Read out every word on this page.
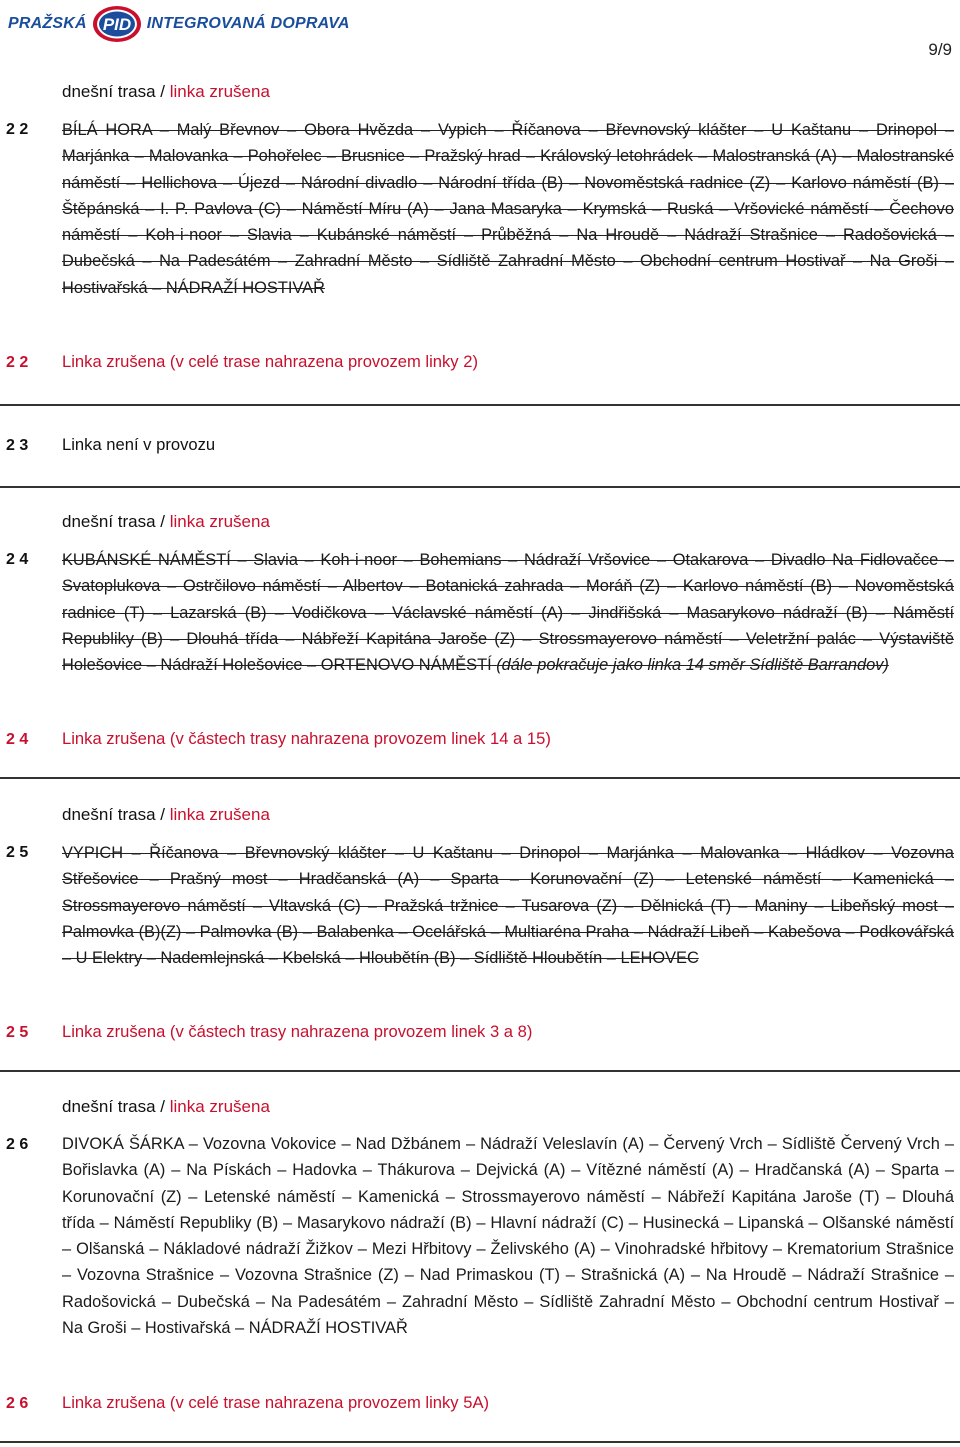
PRAŽSKÁ PID INTEGROVANÁ DOPRAVA
9/9
dnešní trasa / linka zrušena
2 2 BÍLÁ HORA – Malý Břevnov – Obora Hvězda – Vypich – Říčanova – Břevnovský klášter – U Kaštanu – Drinopol – Marjánka – Malovanka – Pohořelec – Brusnice – Pražský hrad – Královský letohrádek – Malostranská (A) – Malostranské náměstí – Hellichova – Újezd – Národní divadlo – Národní třída (B) – Novoměstská radnice (Z) – Karlovo náměstí (B) – Štěpánská – I. P. Pavlova (C) – Náměstí Míru (A) – Jana Masaryka – Krymská – Ruská – Vršovické náměstí – Čechovo náměstí – Koh-i-noor – Slavia – Kubánské náměstí – Průběžná – Na Hroudě – Nádraží Strašnice – Radošovická – Dubečská – Na Padesátém – Zahradní Město – Sídliště Zahradní Město – Obchodní centrum Hostivař – Na Groši – Hostivařská – NÁDRAŽÍ HOSTIVAŘ
2 2 Linka zrušena (v celé trase nahrazena provozem linky 2)
2 3 Linka není v provozu
dnešní trasa / linka zrušena
2 4 KUBÁNSKÉ NÁMĚSTÍ – Slavia – Koh-i-noor – Bohemians – Nádraží Vršovice – Otakarova – Divadlo Na Fidlovačce – Svatoplukova – Ostrčilovo náměstí – Albertov – Botanická zahrada – Moráň (Z) – Karlovo náměstí (B) – Novoměstská radnice (T) – Lazarská (B) – Vodičkova – Václavské náměstí (A) – Jindřišská – Masarykovo nádraží (B) – Náměstí Republiky (B) – Dlouhá třída – Nábřeží Kapitána Jaroše (Z) – Strossmayerovo náměstí – Veletržní palác – Výstaviště Holešovice – Nádraží Holešovice – ORTENOVO NÁMĚSTÍ (dále pokračuje jako linka 14 směr Sídliště Barrandov)
2 4 Linka zrušena (v částech trasy nahrazena provozem linek 14 a 15)
dnešní trasa / linka zrušena
2 5 VYPICH – Říčanova – Břevnovský klášter – U Kaštanu – Drinopol – Marjánka – Malovanka – Hládkov – Vozovna Střešovice – Prašný most – Hradčanská (A) – Sparta – Korunovační (Z) – Letenské náměstí – Kamenická – Strossmayerovo náměstí – Vltavská (C) – Pražská tržnice – Tusarova (Z) – Dělnická (T) – Maniny – Libeňský most – Palmovka (B)(Z) – Palmovka (B) – Balabenka – Ocelářská – Multiaréna Praha – Nádraží Libeň – Kabešova – Podkovářská – U Elektry – Nademlejnská – Kbelská – Hloubětín (B) – Sídliště Hloubětín – LEHOVEC
2 5 Linka zrušena (v částech trasy nahrazena provozem linek 3 a 8)
dnešní trasa / linka zrušena
2 6 DIVOKÁ ŠÁRKA – Vozovna Vokovice – Nad Džbánem – Nádraží Veleslavín (A) – Červený Vrch – Sídliště Červený Vrch – Bořislavka (A) – Na Pískách – Hadovka – Thákurova – Dejvická (A) – Vítězné náměstí (A) – Hradčanská (A) – Sparta – Korunovační (Z) – Letenské náměstí – Kamenická – Strossmayerovo náměstí – Nábřeží Kapitána Jaroše (T) – Dlouhá třída – Náměstí Republiky (B) – Masarykovo nádraží (B) – Hlavní nádraží (C) – Husinecká – Lipanská – Olšanské náměstí – Olšanská – Nákladové nádraží Žižkov – Mezi Hřbitovy – Želivského (A) – Vinohradské hřbitovy – Krematorium Strašnice – Vozovna Strašnice – Vozovna Strašnice (Z) – Nad Primaskou (T) – Strašnická (A) – Na Hroudě – Nádraží Strašnice – Radošovická – Dubečská – Na Padesátém – Zahradní Město – Sídliště Zahradní Město – Obchodní centrum Hostivař – Na Groši – Hostivařská – NÁDRAŽÍ HOSTIVAŘ
2 6 Linka zrušena (v celé trase nahrazena provozem linky 5A)
